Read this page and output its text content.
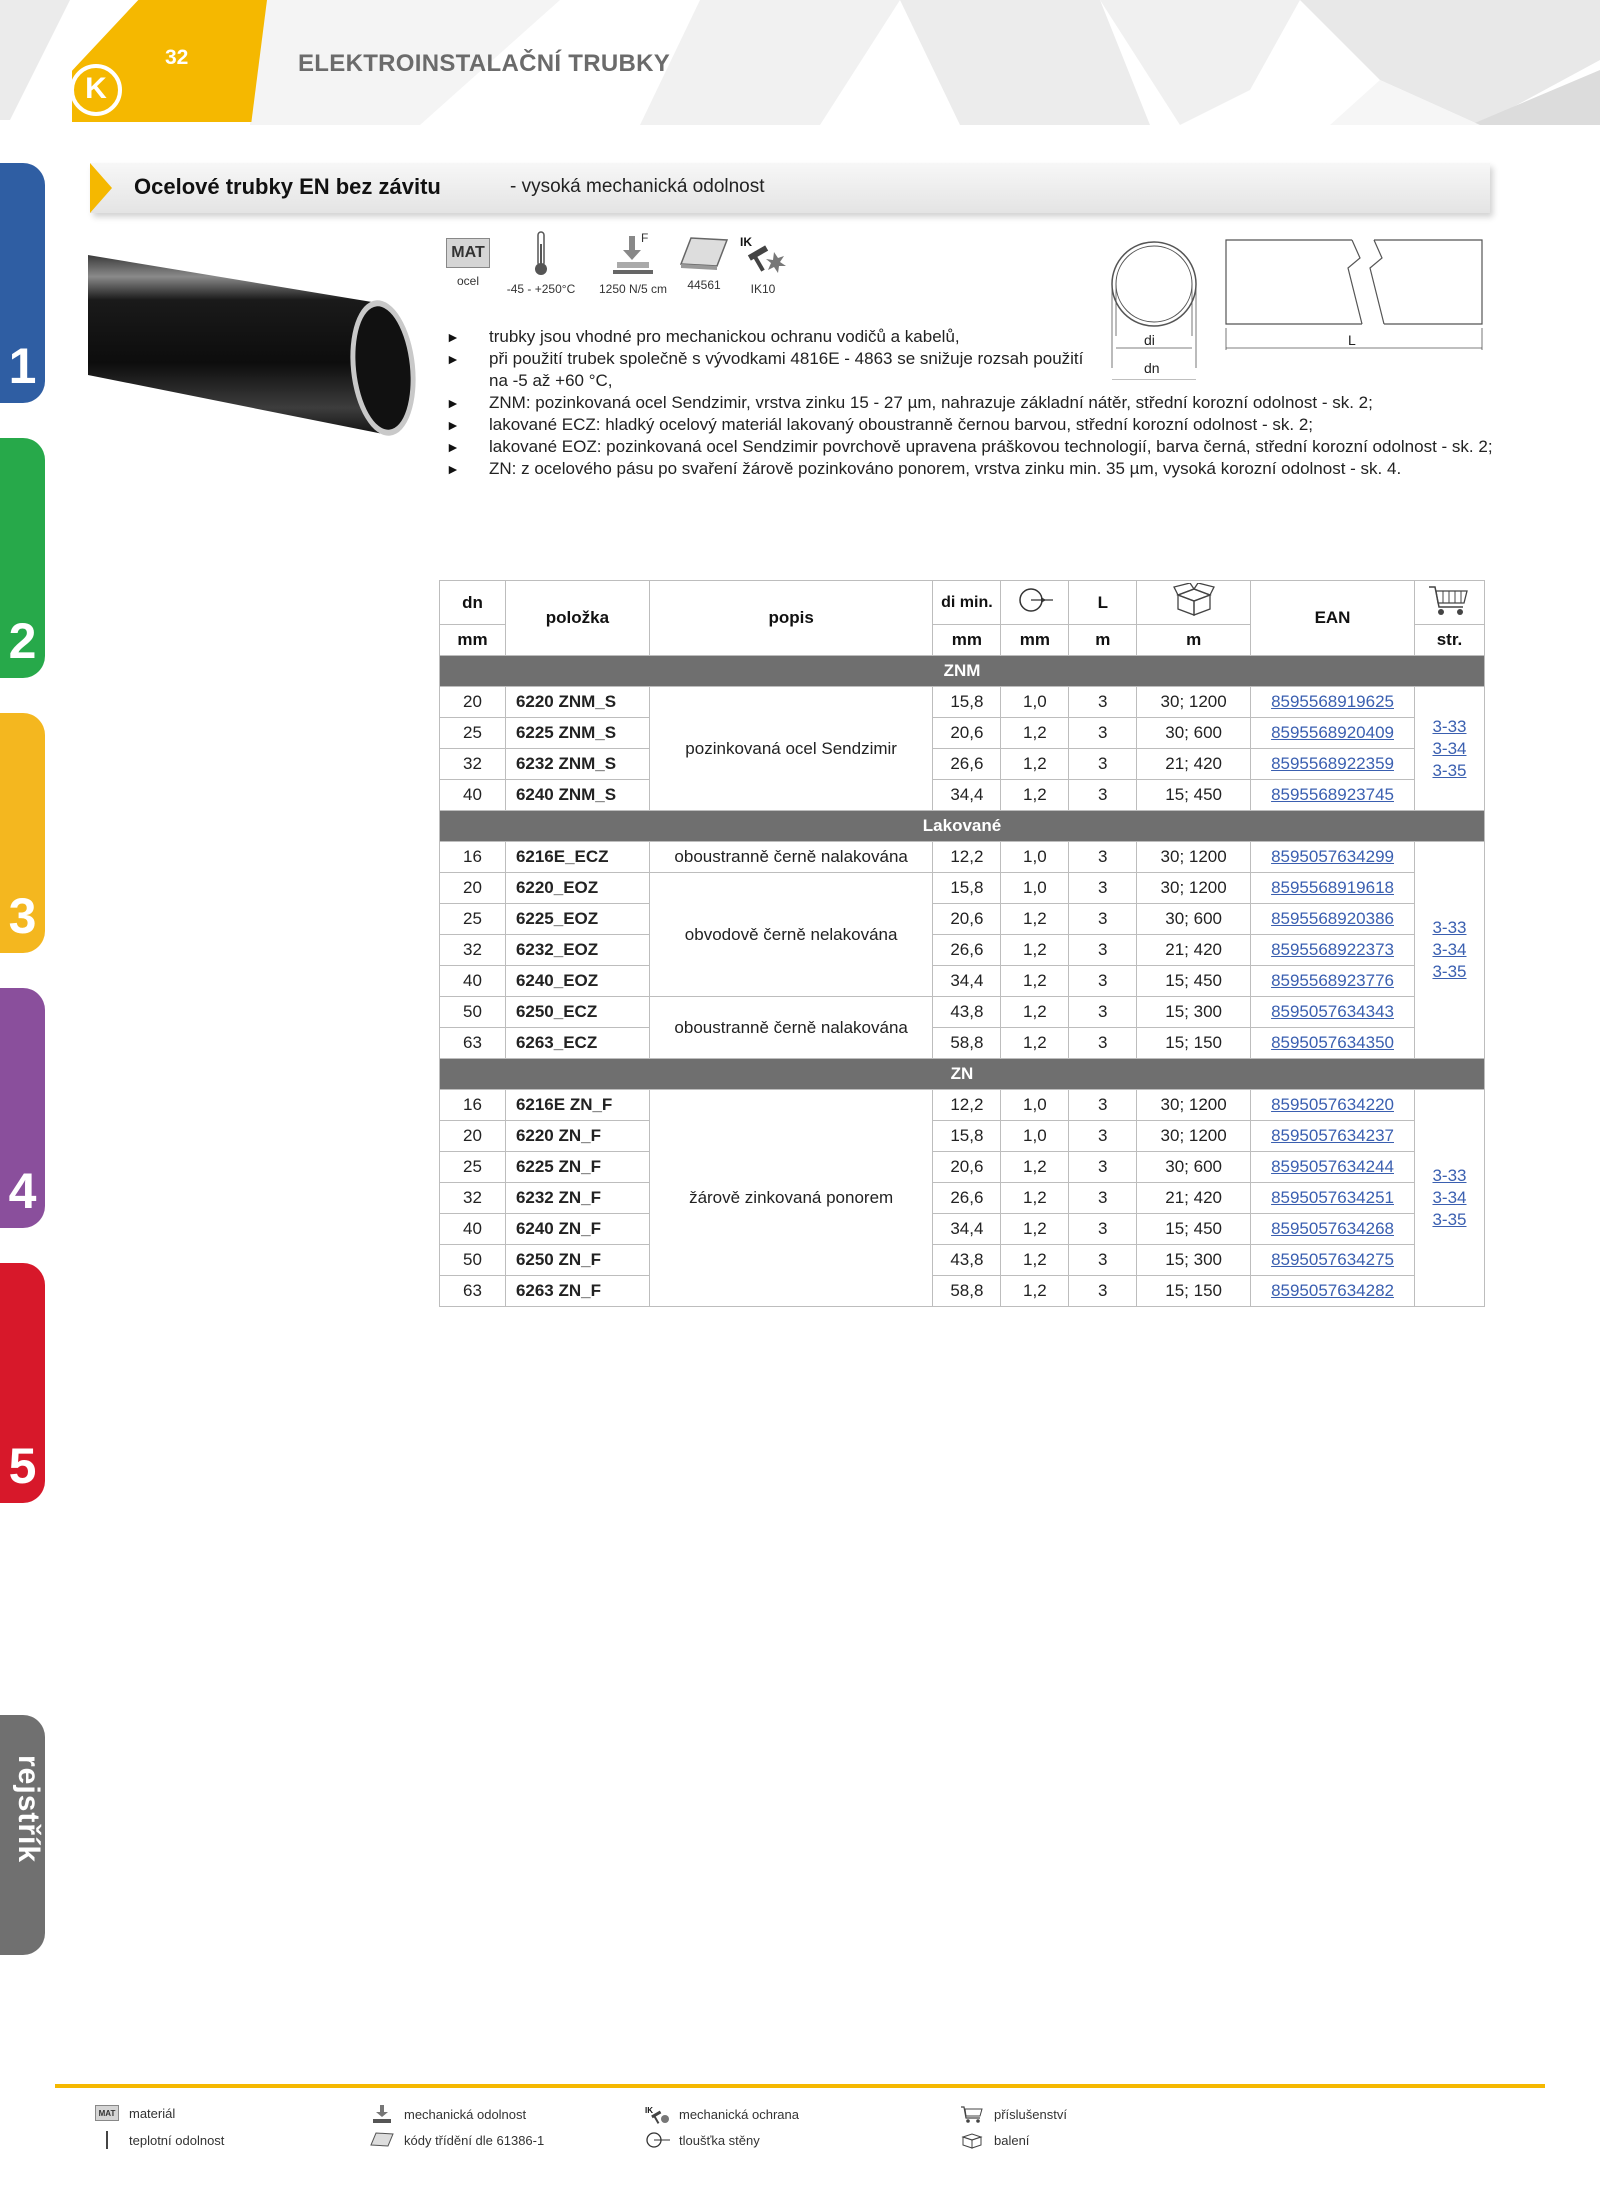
K
32	ELEKTROINSTALAČNÍ TRUBKY
1
2
3
4
5
rejstřík
Ocelové trubky EN bez závitu	- vysoká mechanická odolnost
MAT
ocel
-45 - +250°C
F
1250 N/5 cm	44561
IK
IK10
di
dn
L
► trubky jsou vhodné pro mechanickou ochranu vodičů a kabelů,
► při použití trubek společně s vývodkami 4816E - 4863 se snižuje rozsah použití na -5 až +60 °C,
► ZNM: pozinkovaná ocel Sendzimir, vrstva zinku 15 - 27 µm, nahrazuje základní nátěr, střední korozní odolnost - sk. 2;
► lakované ECZ: hladký ocelový materiál lakovaný oboustranně černou barvou, střední korozní odolnost - sk. 2;
► lakované EOZ: pozinkovaná ocel Sendzimir povrchově upravena práškovou technologií, barva černá, střední korozní odolnost - sk. 2;
► ZN: z ocelového pásu po svaření žárově pozinkováno ponorem, vrstva zinku min. 35 µm, vysoká korozní odolnost - sk. 4.
dn	položka	popis	di min.		L		EAN	
mm			mm	mm	m	m		str.
ZNM								
20	6220 ZNM_S	pozinkovaná ocel Sendzimir	15,8	1,0	3	30; 1200	8595568919625	3-33
3-34
3-35

25	6225 ZNM_S		20,6	1,2	3	30; 600	8595568920409	
32	6232 ZNM_S		26,6	1,2	3	21; 420	8595568922359	
40	6240 ZNM_S		34,4	1,2	3	15; 450	8595568923745	
Lakované								
16	6216E_ECZ	oboustranně černě nalakována	12,2	1,0	3	30; 1200	8595057634299	3-33
3-34
3-35

20	6220_EOZ	obvodově černě nelakována	15,8	1,0	3	30; 1200	8595568919618	
25	6225_EOZ		20,6	1,2	3	30; 600	8595568920386	
32	6232_EOZ		26,6	1,2	3	21; 420	8595568922373	
40	6240_EOZ		34,4	1,2	3	15; 450	8595568923776	
50	6250_ECZ	oboustranně černě nalakována	43,8	1,2	3	15; 300	8595057634343	
63	6263_ECZ		58,8	1,2	3	15; 150	8595057634350	
ZN								
16	6216E ZN_F	žárově zinkovaná ponorem	12,2	1,0	3	30; 1200	8595057634220	3-33
3-34
3-35

20	6220 ZN_F		15,8	1,0	3	30; 1200	8595057634237	
25	6225 ZN_F		20,6	1,2	3	30; 600	8595057634244	
32	6232 ZN_F		26,6	1,2	3	21; 420	8595057634251	
40	6240 ZN_F		34,4	1,2	3	15; 450	8595057634268	
50	6250 ZN_F		43,8	1,2	3	15; 300	8595057634275	
63	6263 ZN_F		58,8	1,2	3	15; 150	8595057634282	
MAT materiál
teplotní odolnost
mechanická odolnost
kódy třídění dle 61386-1
IK mechanická ochrana
tloušťka stěny
příslušenství
balení
